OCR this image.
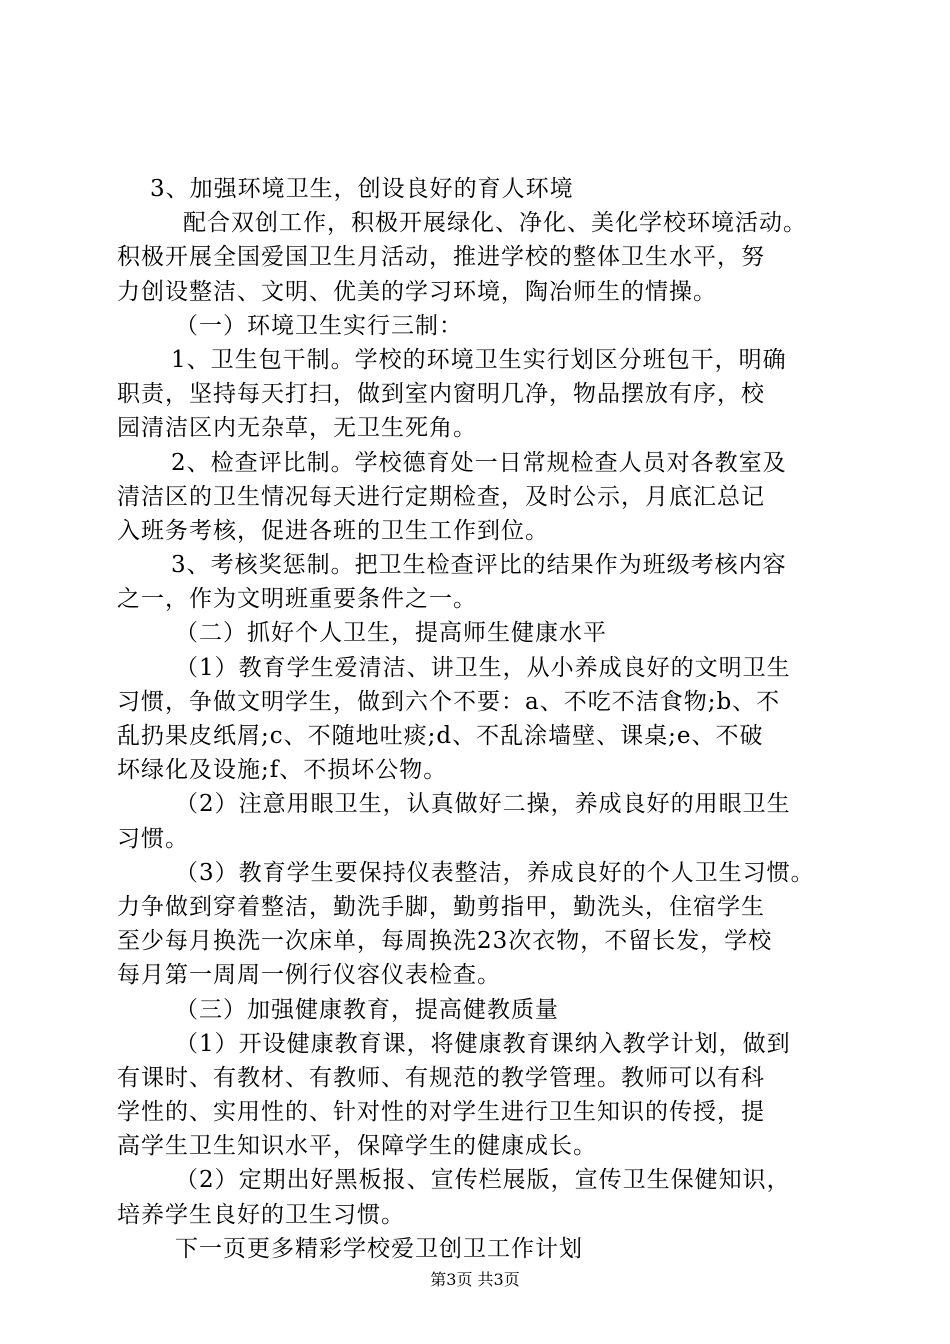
3、加强环境卫生，创设良好的育人环境
配合双创工作，积极开展绿化、净化、美化学校环境活动。
积极开展全国爱国卫生月活动，推进学校的整体卫生水平，努
力创设整洁、文明、优美的学习环境，陶冶师生的情操。
（一）环境卫生实行三制：
1、卫生包干制。学校的环境卫生实行划区分班包干，明确
职责，坚持每天打扫，做到室内窗明几净，物品摆放有序，校
园清洁区内无杂草，无卫生死角。
2、检查评比制。学校德育处一日常规检查人员对各教室及
清洁区的卫生情况每天进行定期检查，及时公示，月底汇总记
入班务考核，促进各班的卫生工作到位。
3、考核奖惩制。把卫生检查评比的结果作为班级考核内容
之一，作为文明班重要条件之一。
（二）抓好个人卫生，提高师生健康水平
（1）教育学生爱清洁、讲卫生，从小养成良好的文明卫生
习惯，争做文明学生，做到六个不要：a、不吃不洁食物;b、不
乱扔果皮纸屑;c、不随地吐痰;d、不乱涂墙壁、课桌;e、不破
坏绿化及设施;f、不损坏公物。
（2）注意用眼卫生，认真做好二操，养成良好的用眼卫生
习惯。
（3）教育学生要保持仪表整洁，养成良好的个人卫生习惯。
力争做到穿着整洁，勤洗手脚，勤剪指甲，勤洗头，住宿学生
至少每月换洗一次床单，每周换洗23次衣物，不留长发，学校
每月第一周周一例行仪容仪表检查。
（三）加强健康教育，提高健教质量
（1）开设健康教育课，将健康教育课纳入教学计划，做到
有课时、有教材、有教师、有规范的教学管理。教师可以有科
学性的、实用性的、针对性的对学生进行卫生知识的传授，提
高学生卫生知识水平，保障学生的健康成长。
（2）定期出好黑板报、宣传栏展版，宣传卫生保健知识，
培养学生良好的卫生习惯。
下一页更多精彩学校爱卫创卫工作计划
第3页 共3页
